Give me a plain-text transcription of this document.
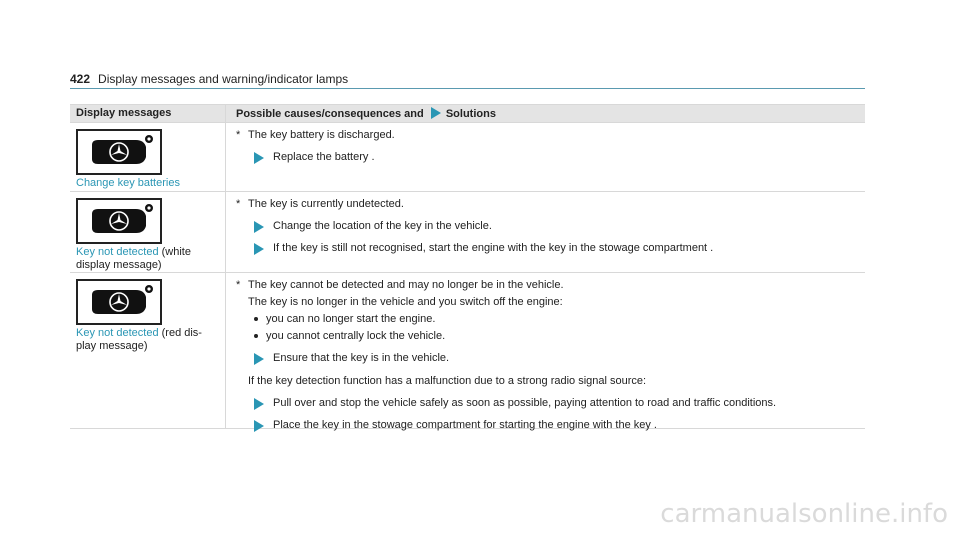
422 Display messages and warning/indicator lamps
Display messages	Possible causes/consequences and Solutions
Change key batteries
* The key battery is discharged.
Replace the battery .
Key not detected (white display message)
* The key is currently undetected.
Change the location of the key in the vehicle.
If the key is still not recognised, start the engine with the key in the stowage compartment .
Key not detected (red dis- play message)
* The key cannot be detected and may no longer be in the vehicle.
The key is no longer in the vehicle and you switch off the engine:
you can no longer start the engine.
you cannot centrally lock the vehicle.
Ensure that the key is in the vehicle.
If the key detection function has a malfunction due to a strong radio signal source:
Pull over and stop the vehicle safely as soon as possible, paying attention to road and traffic conditions.
Place the key in the stowage compartment for starting the engine with the key .
carmanualsonline.info
